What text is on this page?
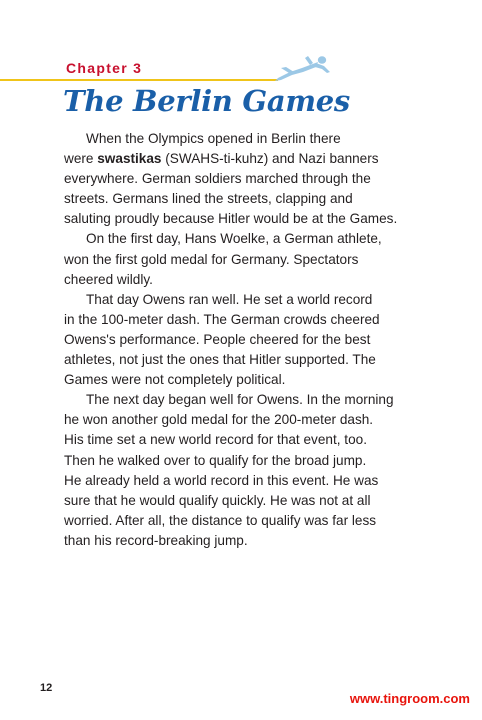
Chapter 3
The Berlin Games

When the Olympics opened in Berlin there
were swastikas (SWAHS-ti-kuhz) and Nazi banners
everywhere. German soldiers marched through the
streets. Germans lined the streets, clapping and
saluting proudly because Hitler would be at the Games.

On the first day, Hans Woelke, a German athlete,
won the first gold medal for Germany. Spectators
cheered wildly.

That day Owens ran well. He set a world record
in the 100-meter dash. The German crowds cheered
Owens's performance. People cheered for the best
athletes, not just the ones that Hitler supported. The
Games were not completely political.

The next day began well for Owens. In the morning
he won another gold medal for the 200-meter dash.
His time set a new world record for that event, too.
Then he walked over to qualify for the broad jump.
He already held a world record in this event. He was
sure that he would qualify quickly. He was not at all
worried. After all, the distance to qualify was far less
than his record-breaking jump.

12
www.tingroom.com
